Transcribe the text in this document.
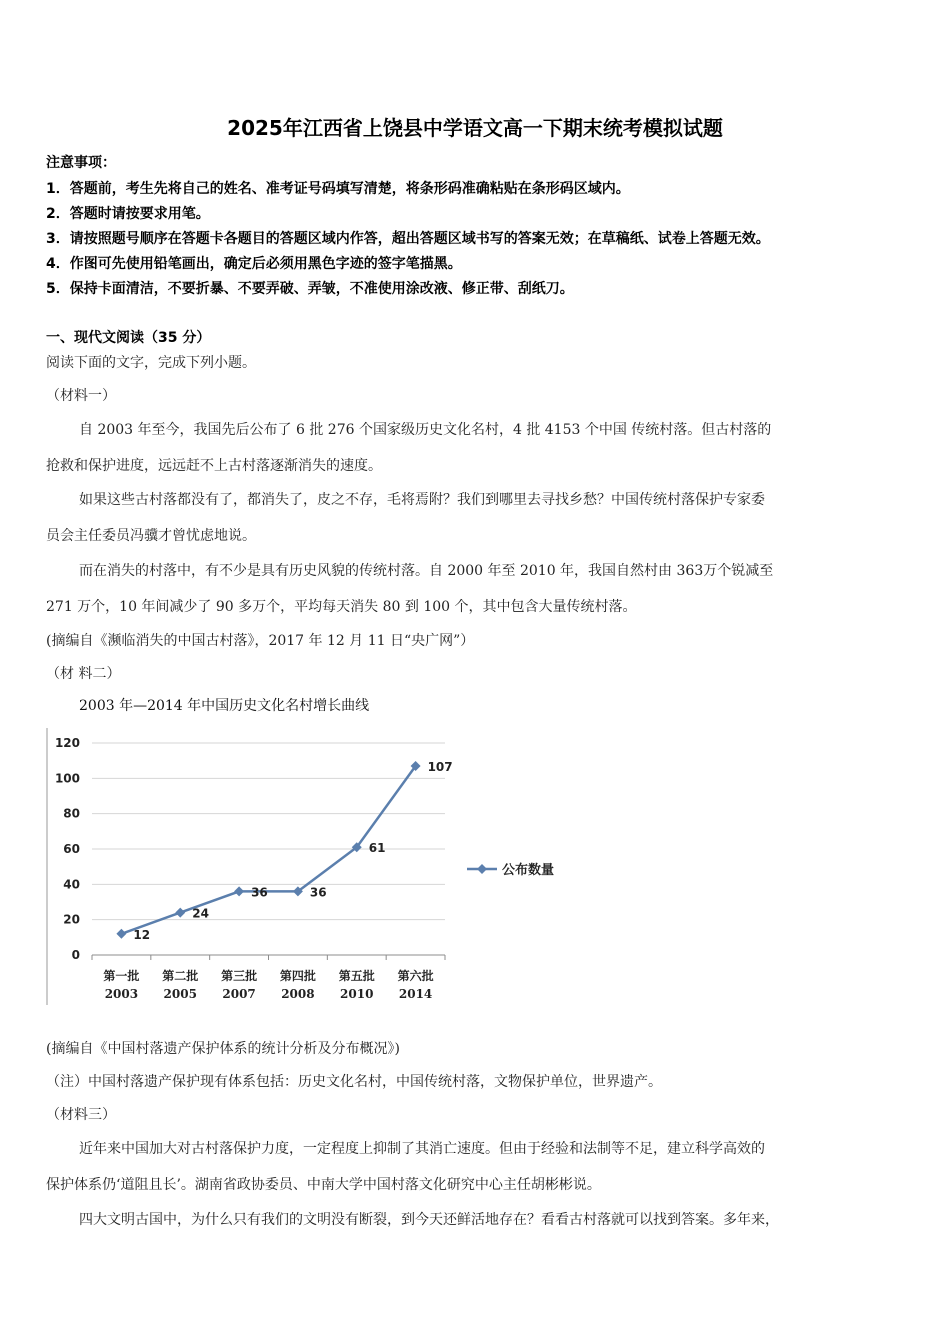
2025年江西省上饶县中学语文高一下期末统考模拟试题
注意事项：
1．答题前，考生先将自己的姓名、准考证号码填写清楚，将条形码准确粘贴在条形码区域内。
2．答题时请按要求用笔。
3．请按照题号顺序在答题卡各题目的答题区域内作答，超出答题区域书写的答案无效；在草稿纸、试卷上答题无效。
4．作图可先使用铅笔画出，确定后必须用黑色字迹的签字笔描黑。
5．保持卡面清洁，不要折暴、不要弄破、弄皱，不准使用涂改液、修正带、刮纸刀。
一、现代文阅读（35 分）
阅读下面的文字，完成下列小题。
（材料一）
自 2003 年至今，我国先后公布了 6 批 276 个国家级历史文化名村，4 批 4153 个中国 传统村落。但古村落的
抢救和保护进度，远远赶不上古村落逐渐消失的速度。
如果这些古村落都没有了，都消失了，皮之不存，毛将焉附？我们到哪里去寻找乡愁？中国传统村落保护专家委
员会主任委员冯骥才曾忧虑地说。
而在消失的村落中，有不少是具有历史风貌的传统村落。自 2000 年至 2010 年，我国自然村由 363万个锐减至
271 万个，10 年间减少了 90 多万个，平均每天消失 80 到 100 个，其中包含大量传统村落。
(摘编自《濒临消失的中国古村落》，2017 年 12 月 11 日“央广网”）
（材 料二）
2003 年—2014 年中国历史文化名村增长曲线
0
20
40
60
80
100
120
第一批
2003
第二批
2005
第三批
2007
第四批
2008
第五批
2010
第六批
2014
12
24
36	36
61
107
公布数量
(摘编自《中国村落遗产保护体系的统计分析及分布概况》)
（注）中国村落遗产保护现有体系包括：历史文化名村，中国传统村落，文物保护单位，世界遗产。
（材料三）
近年来中国加大对古村落保护力度，一定程度上抑制了其消亡速度。但由于经验和法制等不足，建立科学高效的
保护体系仍‘道阻且长’。湖南省政协委员、中南大学中国村落文化研究中心主任胡彬彬说。
四大文明古国中，为什么只有我们的文明没有断裂，到今天还鲜活地存在？看看古村落就可以找到答案。多年来，
